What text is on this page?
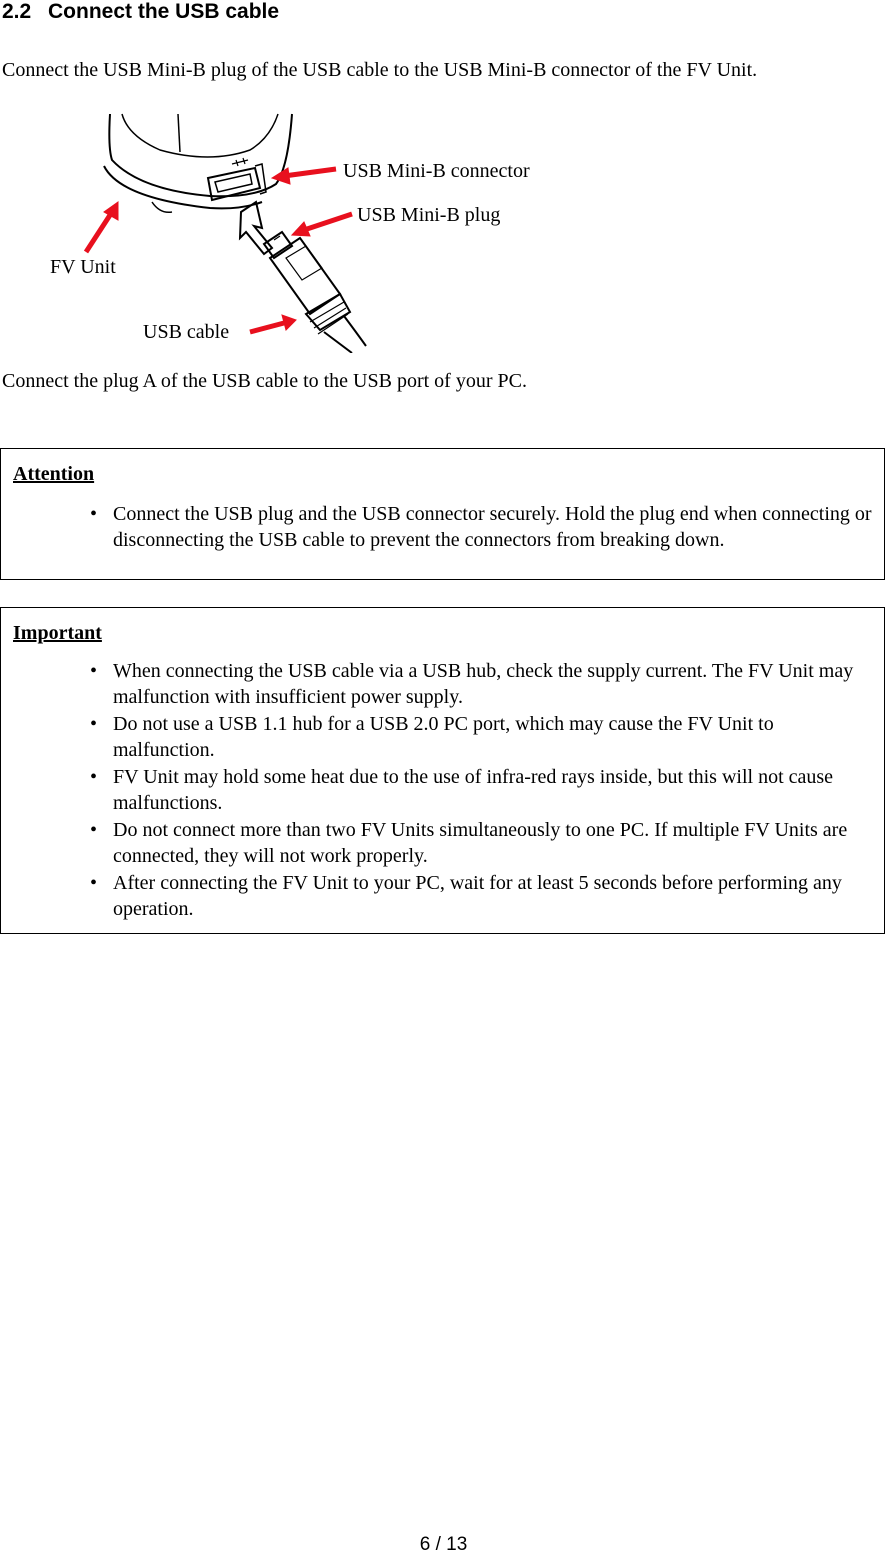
2.2 Connect the USB cable
Connect the USB Mini-B plug of the USB cable to the USB Mini-B connector of the FV Unit.
USB Mini-B connector
USB Mini-B plug
FV Unit
USB cable
Connect the plug A of the USB cable to the USB port of your PC.
Attention
• Connect the USB plug and the USB connector securely. Hold the plug end when connecting or disconnecting the USB cable to prevent the connectors from breaking down.
Important
• When connecting the USB cable via a USB hub, check the supply current. The FV Unit may malfunction with insufficient power supply.
• Do not use a USB 1.1 hub for a USB 2.0 PC port, which may cause the FV Unit to malfunction.
• FV Unit may hold some heat due to the use of infra-red rays inside, but this will not cause malfunctions.
• Do not connect more than two FV Units simultaneously to one PC. If multiple FV Units are connected, they will not work properly.
• After connecting the FV Unit to your PC, wait for at least 5 seconds before performing any operation.
6 / 13
